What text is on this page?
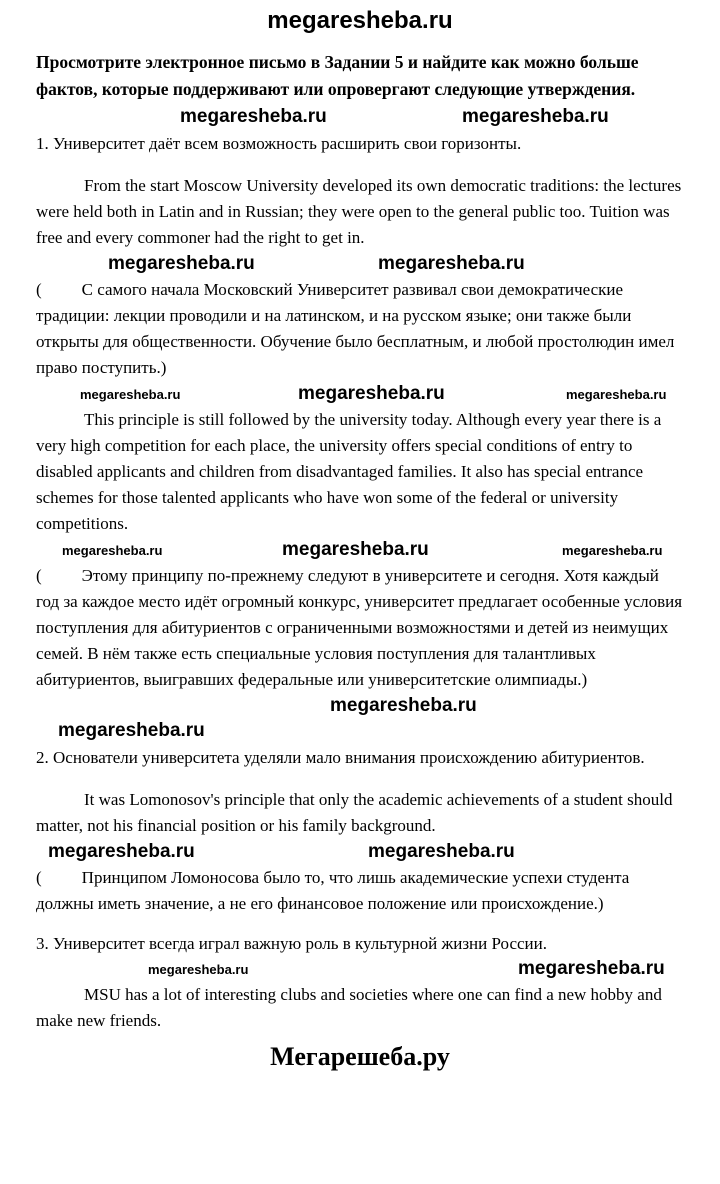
megaresheba.ru

Просмотрите электронное письмо в Задании 5 и найдите как можно больше фактов, которые поддерживают или опровергают следующие утверждения.

megaresheba.ru	megaresheba.ru

1. Университет даёт всем возможность расширить свои горизонты.

From the start Moscow University developed its own democratic traditions: the lectures were held both in Latin and in Russian; they were open to the general public too. Tuition was free and every commoner had the right to get in.

megaresheba.ru	megaresheba.ru

( С самого начала Московский Университет развивал свои демократические традиции: лекции проводили и на латинском, и на русском языке; они также были открыты для общественности. Обучение было бесплатным, и любой простолюдин имел право поступить.)

megaresheba.ru	megaresheba.ru	megaresheba.ru

This principle is still followed by the university today. Although every year there is a very high competition for each place, the university offers special conditions of entry to disabled applicants and children from disadvantaged families. It also has special entrance schemes for those talented applicants who have won some of the federal or university competitions.

megaresheba.ru	megaresheba.ru	megaresheba.ru

( Этому принципу по-прежнему следуют в университете и сегодня. Хотя каждый год за каждое место идёт огромный конкурс, университет предлагает особенные условия поступления для абитуриентов с ограниченными возможностями и детей из неимущих семей. В нём также есть специальные условия поступления для талантливых абитуриентов, выигравших федеральные или университетские олимпиады.)

megaresheba.ru
megaresheba.ru

2. Основатели университета уделяли мало внимания происхождению абитуриентов.

It was Lomonosov's principle that only the academic achievements of a student should matter, not his financial position or his family background.

megaresheba.ru	megaresheba.ru

( Принципом Ломоносова было то, что лишь академические успехи студента должны иметь значение, а не его финансовое положение или происхождение.)

3. Университет всегда играл важную роль в культурной жизни России.

megaresheba.ru	megaresheba.ru

MSU has a lot of interesting clubs and societies where one can find a new hobby and make new friends.

Мегарешеба.ру
